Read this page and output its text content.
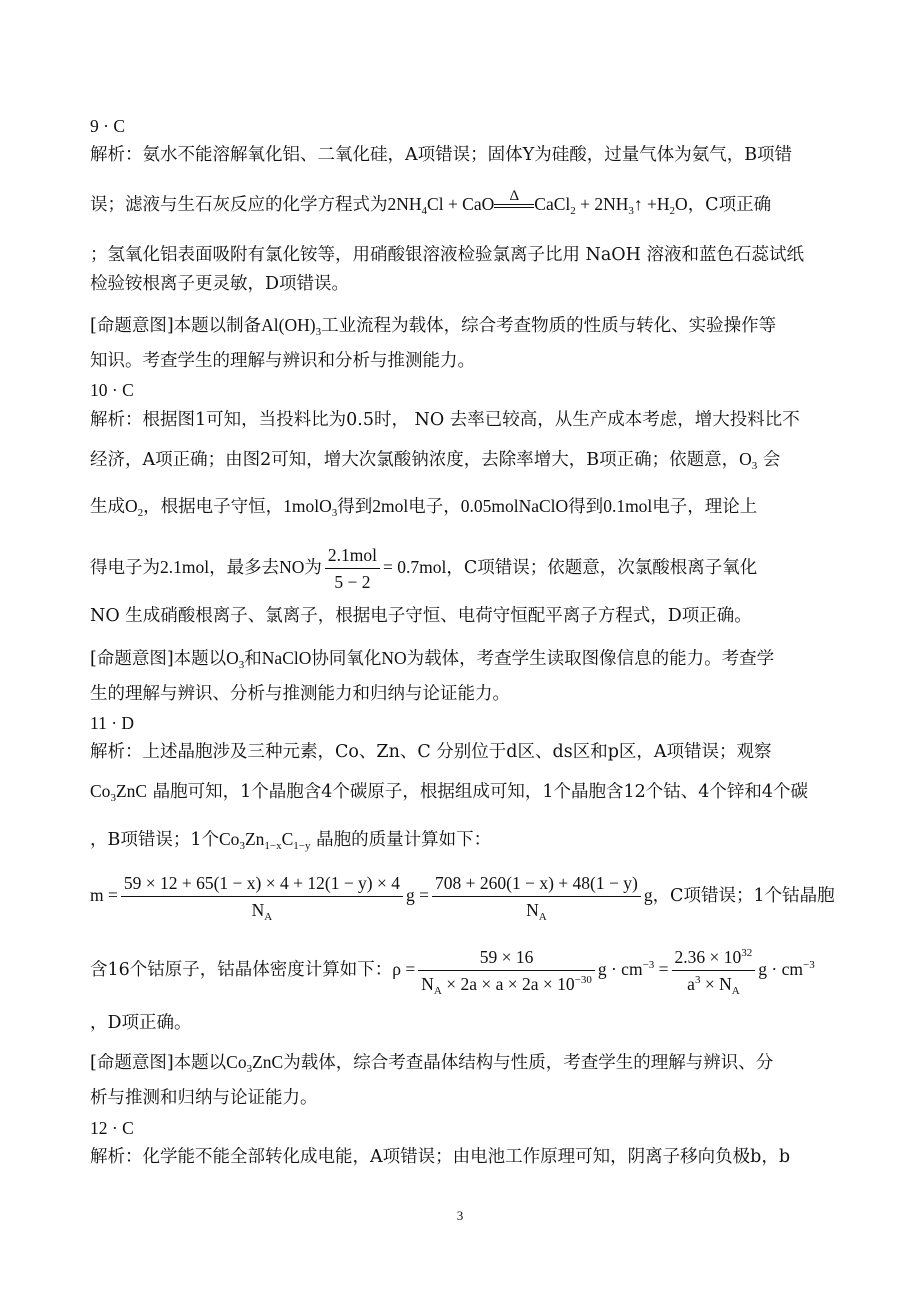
9 · C
解析：氨水不能溶解氧化铝、二氧化硅，A项错误；固体Y为硅酸，过量气体为氨气，B项错
误；滤液与生石灰反应的化学方程式为$2NH_4Cl$ + CaO	Δ CaCl$_2$ + $2NH_3↑ +H_2O$，C项正确
；氢氧化铝表面吸附有氯化铵等，用硝酸银溶液检验氯离子比用 NaOH 溶液和蓝色石蕊试纸
检验铵根离子更灵敏，D项错误。
[命题意图]本题以制备$Al(OH)_3$工业流程为载体，综合考查物质的性质与转化、实验操作等
知识。考查学生的理解与辨识和分析与推测能力。
10 · C
解析：根据图1可知，当投料比为0.5时， NO 去率已较高，从生产成本考虑，增大投料比不
经济，A项正确；由图2可知，增大次氯酸钠浓度，去除率增大，B项正确；依题意，$O_3$ 会
生成$O_2$，根据电子守恒，1molO$_3$得到2mol电子，0.05molNaClO得到0.1mol电子，理论上
得电子为2.1mol，最多去NO为 $\frac{\text{2.1mol}}{5 - 2} = 0.7mol$，C项错误；依题意，次氯酸根离子氧化
NO 生成硝酸根离子、氯离子，根据电子守恒、电荷守恒配平离子方程式，D项正确。
[命题意图]本题以$O_3$和NaClO协同氧化NO为载体，考查学生读取图像信息的能力。考查学
生的理解与辨识、分析与推测能力和归纳与论证能力。
11 · D
解析：上述晶胞涉及三种元素，Co、Zn、C 分别位于d区、ds区和p区，A项错误；观察
$Co_3ZnC$ 晶胞可知，1个晶胞含4个碳原子，根据组成可知，1个晶胞含12个钴、4个锌和4个碳
，B项错误；1个$Co_3Zn_{1-x}C_{1-y}$ 晶胞的质量计算如下：
$m = \frac{59 \times 12 + 65(1 - x) \times 4 + 12(1 - y) \times 4}{N_A}$ $g = \frac{708 + 260(1 - x) + 48(1 - y)}{N_A}$ g，C项错误；1个钴晶胞
含16个钴原子，钴晶体密度计算如下：$\rho = \frac{59 \times 16}{N_A \times 2a \times a \times 2a \times 10^{-30}}$ $g \cdot cm^{-3} = \frac{2.36 \times 10^{32}}{a^3 \times N_A}$ $g \cdot cm^{-3}$
，D项正确。
[命题意图]本题以$Co_3ZnC$为载体，综合考查晶体结构与性质，考查学生的理解与辨识、分
析与推测和归纳与论证能力。
12 · C
解析：化学能不能全部转化成电能，A项错误；由电池工作原理可知，阴离子移向负极b，b
3
